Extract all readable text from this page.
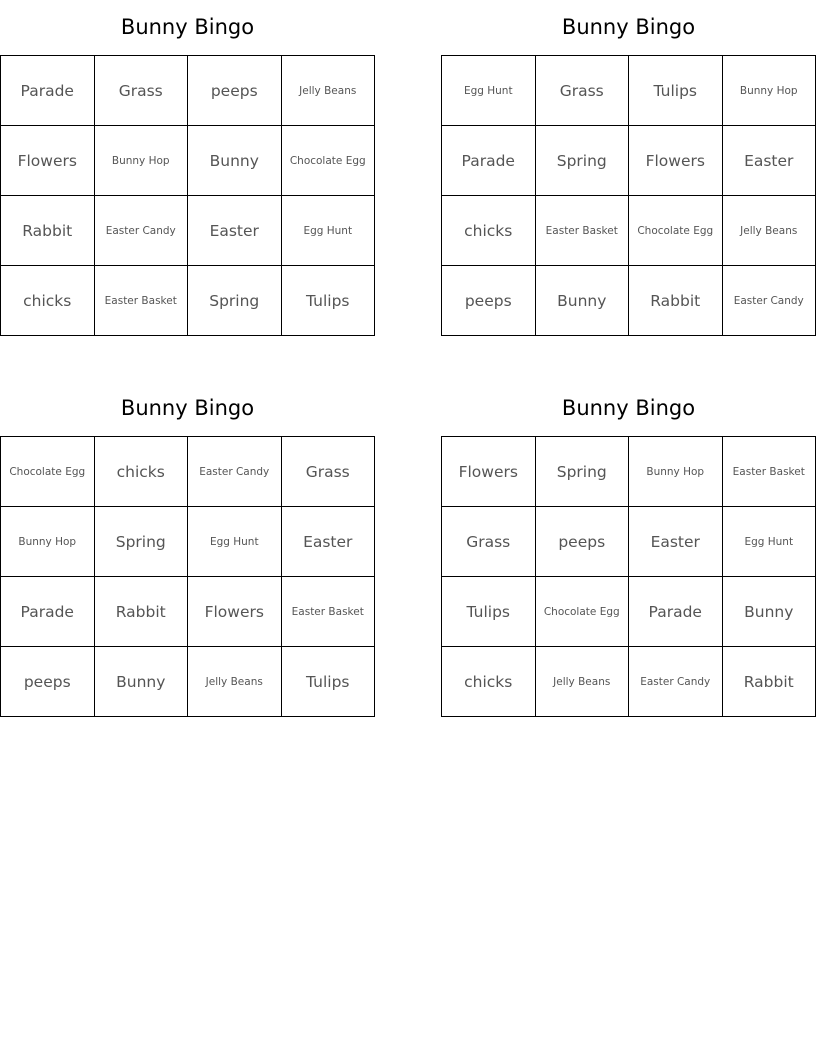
Bunny Bingo
Parade	Grass	peeps	Jelly Beans
Flowers	Bunny Hop	Bunny	Chocolate Egg
Rabbit	Easter Candy	Easter	Egg Hunt
chicks	Easter Basket	Spring	Tulips
Bunny Bingo
Egg Hunt	Grass	Tulips	Bunny Hop
Parade	Spring	Flowers	Easter
chicks	Easter Basket	Chocolate Egg	Jelly Beans
peeps	Bunny	Rabbit	Easter Candy
Bunny Bingo
Chocolate Egg	chicks	Easter Candy	Grass
Bunny Hop	Spring	Egg Hunt	Easter
Parade	Rabbit	Flowers	Easter Basket
peeps	Bunny	Jelly Beans	Tulips
Bunny Bingo
Flowers	Spring	Bunny Hop	Easter Basket
Grass	peeps	Easter	Egg Hunt
Tulips	Chocolate Egg	Parade	Bunny
chicks	Jelly Beans	Easter Candy	Rabbit
